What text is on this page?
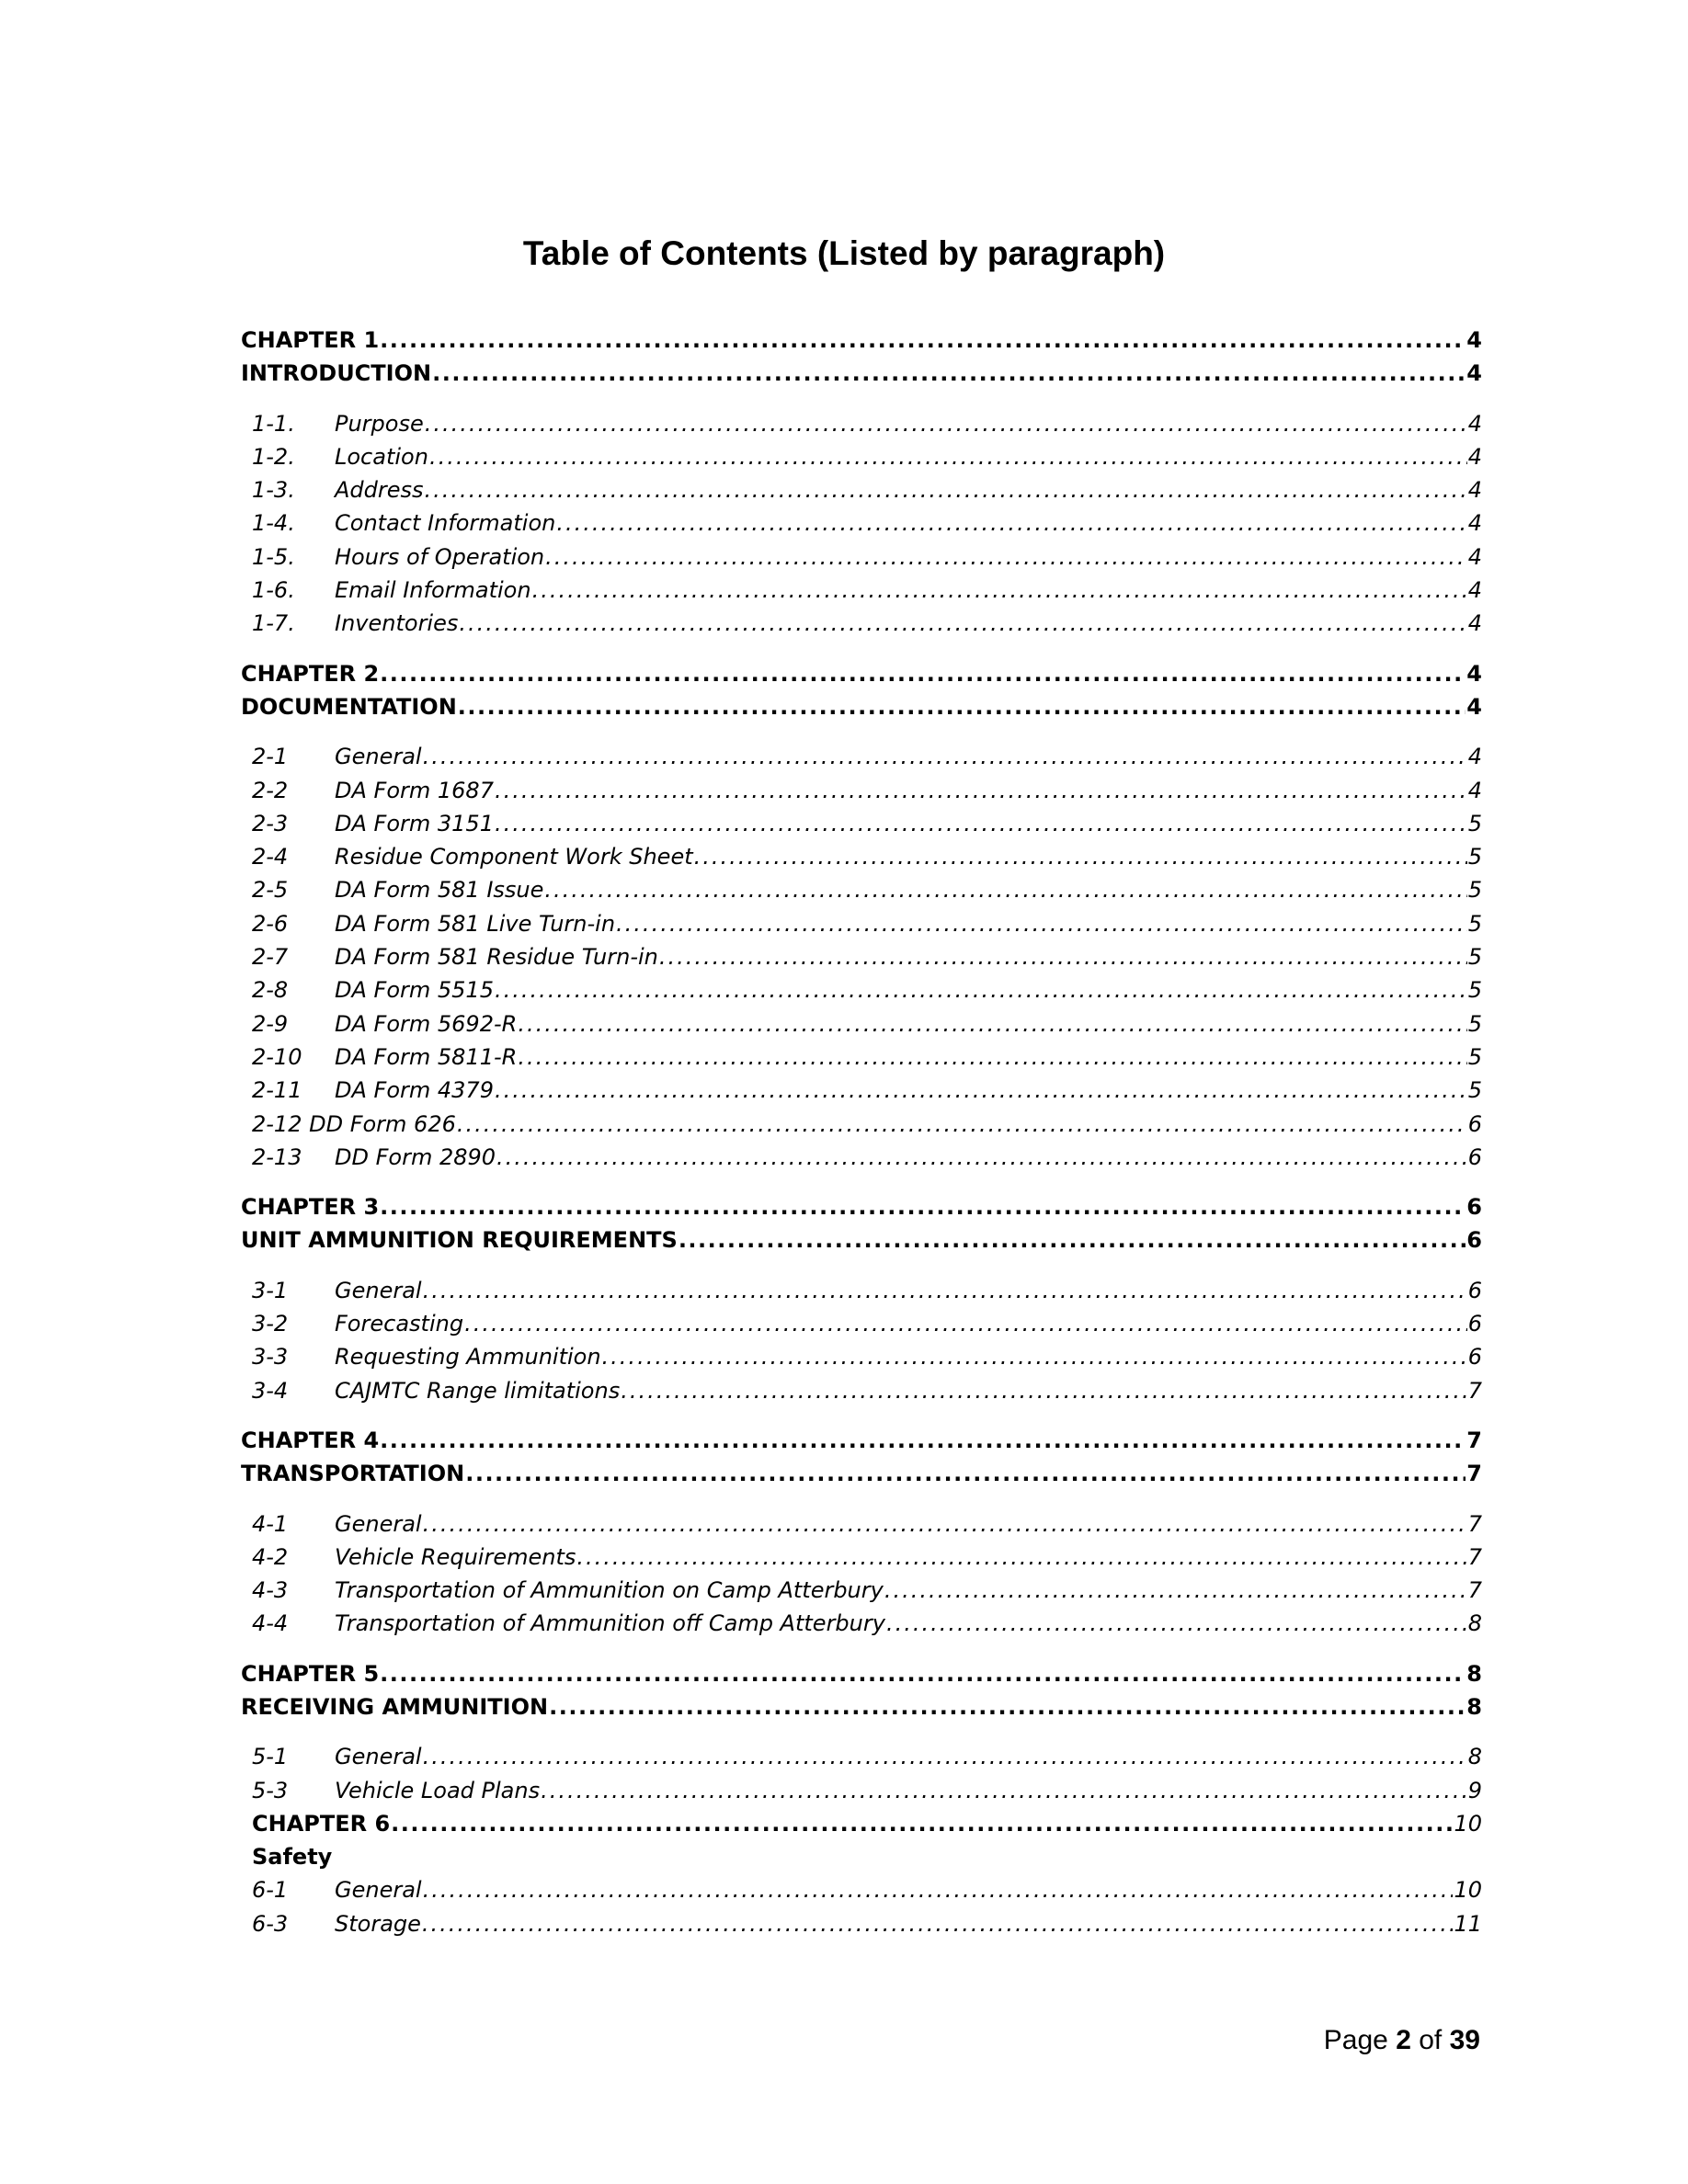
Table of Contents (Listed by paragraph)
CHAPTER 1 .....	4
INTRODUCTION .....	4
1-1. Purpose .....	4
1-2. Location .....	4
1-3. Address .....	4
1-4. Contact Information .....	4
1-5. Hours of Operation .....	4
1-6. Email Information .....	4
1-7. Inventories .....	4
CHAPTER 2 .....	4
DOCUMENTATION .....	4
2-1 General .....	4
2-2 DA Form 1687 .....	4
2-3 DA Form 3151 .....	5
2-4 Residue Component Work Sheet .....	5
2-5 DA Form 581 Issue .....	5
2-6 DA Form 581 Live Turn-in .....	5
2-7 DA Form 581 Residue Turn-in .....	5
2-8 DA Form 5515 .....	5
2-9 DA Form 5692-R .....	5
2-10 DA Form 5811-R .....	5
2-11 DA Form 4379 .....	5
2-12 DD Form 626 .....	6
2-13 DD Form 2890 .....	6
CHAPTER 3 .....	6
UNIT AMMUNITION REQUIREMENTS .....	6
3-1 General .....	6
3-2 Forecasting .....	6
3-3 Requesting Ammunition .....	6
3-4 CAJMTC Range limitations .....	7
CHAPTER 4 .....	7
TRANSPORTATION .....	7
4-1 General .....	7
4-2 Vehicle Requirements .....	7
4-3 Transportation of Ammunition on Camp Atterbury .....	7
4-4 Transportation of Ammunition off Camp Atterbury .....	8
CHAPTER 5 .....	8
RECEIVING AMMUNITION .....	8
5-1 General .....	8
5-3 Vehicle Load Plans .....	9
CHAPTER 6 .....	10
Safety
6-1 General .....	10
6-3 Storage .....	11
Page 2 of 39
